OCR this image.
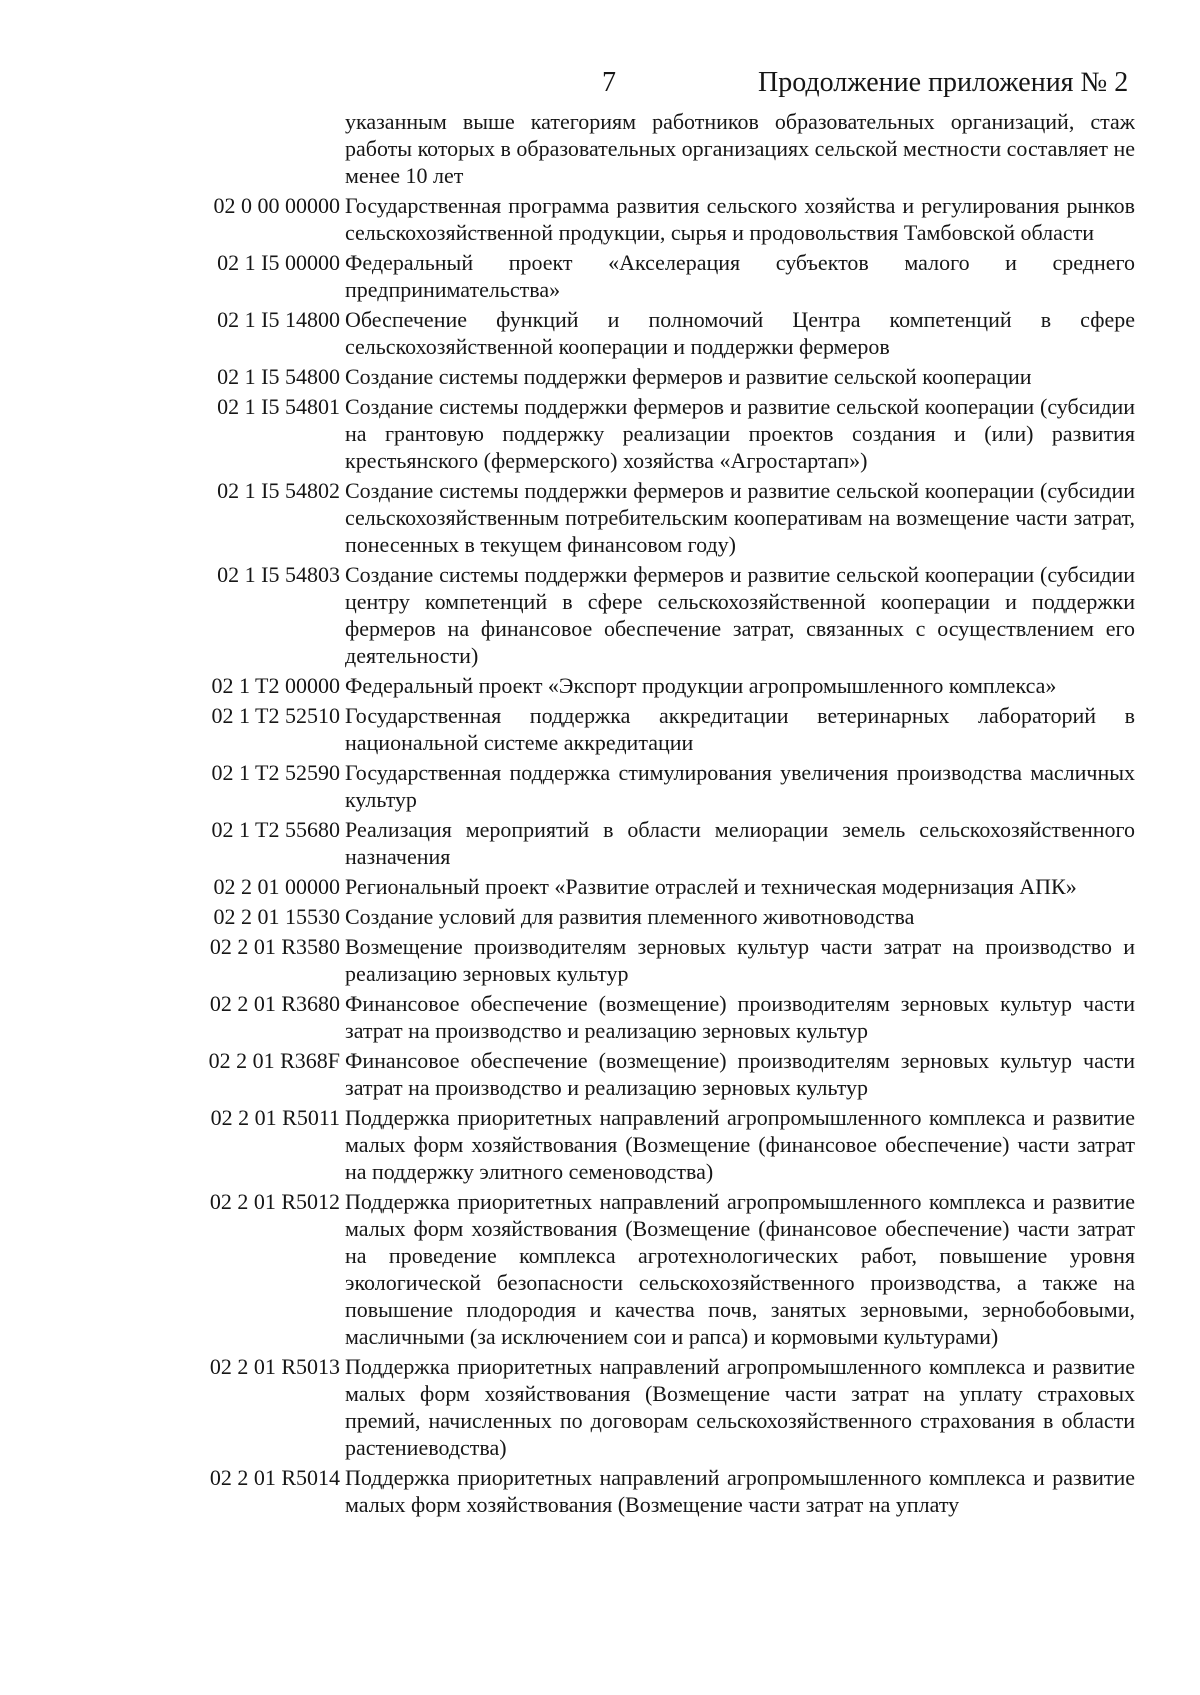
7	Продолжение приложения № 2
указанным выше категориям работников образовательных организаций, стаж работы которых в образовательных организациях сельской местности составляет не менее 10 лет
02 0 00 00000 Государственная программа развития сельского хозяйства и регулирования рынков сельскохозяйственной продукции, сырья и продовольствия Тамбовской области
02 1 I5 00000 Федеральный проект «Акселерация субъектов малого и среднего предпринимательства»
02 1 I5 14800 Обеспечение функций и полномочий Центра компетенций в сфере сельскохозяйственной кооперации и поддержки фермеров
02 1 I5 54800 Создание системы поддержки фермеров и развитие сельской кооперации
02 1 I5 54801 Создание системы поддержки фермеров и развитие сельской кооперации (субсидии на грантовую поддержку реализации проектов создания и (или) развития крестьянского (фермерского) хозяйства «Агростартап»)
02 1 I5 54802 Создание системы поддержки фермеров и развитие сельской кооперации (субсидии сельскохозяйственным потребительским кооперативам на возмещение части затрат, понесенных в текущем финансовом году)
02 1 I5 54803 Создание системы поддержки фермеров и развитие сельской кооперации (субсидии центру компетенций в сфере сельскохозяйственной кооперации и поддержки фермеров на финансовое обеспечение затрат, связанных с осуществлением его деятельности)
02 1 T2 00000 Федеральный проект «Экспорт продукции агропромышленного комплекса»
02 1 T2 52510 Государственная поддержка аккредитации ветеринарных лабораторий в национальной системе аккредитации
02 1 T2 52590 Государственная поддержка стимулирования увеличения производства масличных культур
02 1 T2 55680 Реализация мероприятий в области мелиорации земель сельскохозяйственного назначения
02 2 01 00000 Региональный проект «Развитие отраслей и техническая модернизация АПК»
02 2 01 15530 Создание условий для развития племенного животноводства
02 2 01 R3580 Возмещение производителям зерновых культур части затрат на производство и реализацию зерновых культур
02 2 01 R3680 Финансовое обеспечение (возмещение) производителям зерновых культур части затрат на производство и реализацию зерновых культур
02 2 01 R368F Финансовое обеспечение (возмещение) производителям зерновых культур части затрат на производство и реализацию зерновых культур
02 2 01 R5011 Поддержка приоритетных направлений агропромышленного комплекса и развитие малых форм хозяйствования (Возмещение (финансовое обеспечение) части затрат на поддержку элитного семеноводства)
02 2 01 R5012 Поддержка приоритетных направлений агропромышленного комплекса и развитие малых форм хозяйствования (Возмещение (финансовое обеспечение) части затрат на проведение комплекса агротехнологических работ, повышение уровня экологической безопасности сельскохозяйственного производства, а также на повышение плодородия и качества почв, занятых зерновыми, зернобобовыми, масличными (за исключением сои и рапса) и кормовыми культурами)
02 2 01 R5013 Поддержка приоритетных направлений агропромышленного комплекса и развитие малых форм хозяйствования (Возмещение части затрат на уплату страховых премий, начисленных по договорам сельскохозяйственного страхования в области растениеводства)
02 2 01 R5014 Поддержка приоритетных направлений агропромышленного комплекса и развитие малых форм хозяйствования (Возмещение части затрат на уплату
